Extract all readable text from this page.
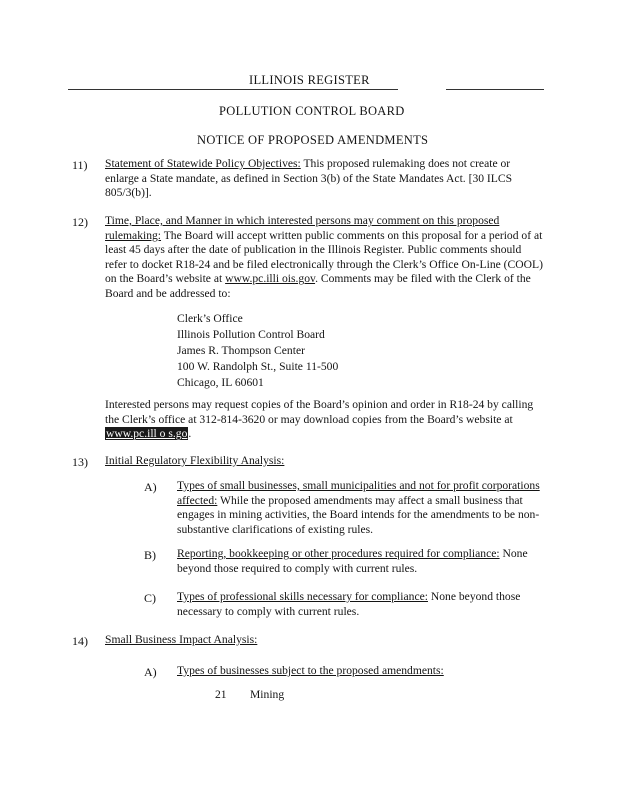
ILLINOIS REGISTER
POLLUTION CONTROL BOARD
NOTICE OF PROPOSED AMENDMENTS
11) Statement of Statewide Policy Objectives: This proposed rulemaking does not create or enlarge a State mandate, as defined in Section 3(b) of the State Mandates Act. [30 ILCS 805/3(b)].
12) Time, Place, and Manner in which interested persons may comment on this proposed rulemaking: The Board will accept written public comments on this proposal for a period of at least 45 days after the date of publication in the Illinois Register. Public comments should refer to docket R18-24 and be filed electronically through the Clerk’s Office On-Line (COOL) on the Board’s website at www.pc.illi ois.gov. Comments may be filed with the Clerk of the Board and be addressed to:
Clerk’s Office
Illinois Pollution Control Board
James R. Thompson Center
100 W. Randolph St., Suite 11-500
Chicago, IL 60601
Interested persons may request copies of the Board’s opinion and order in R18-24 by calling the Clerk’s office at 312-814-3620 or may download copies from the Board’s website at www.pc.ill o s.go.
13) Initial Regulatory Flexibility Analysis:
A) Types of small businesses, small municipalities and not for profit corporations affected: While the proposed amendments may affect a small business that engages in mining activities, the Board intends for the amendments to be non-substantive clarifications of existing rules.
B) Reporting, bookkeeping or other procedures required for compliance: None beyond those required to comply with current rules.
C) Types of professional skills necessary for compliance: None beyond those necessary to comply with current rules.
14) Small Business Impact Analysis:
A) Types of businesses subject to the proposed amendments:
21 Mining
